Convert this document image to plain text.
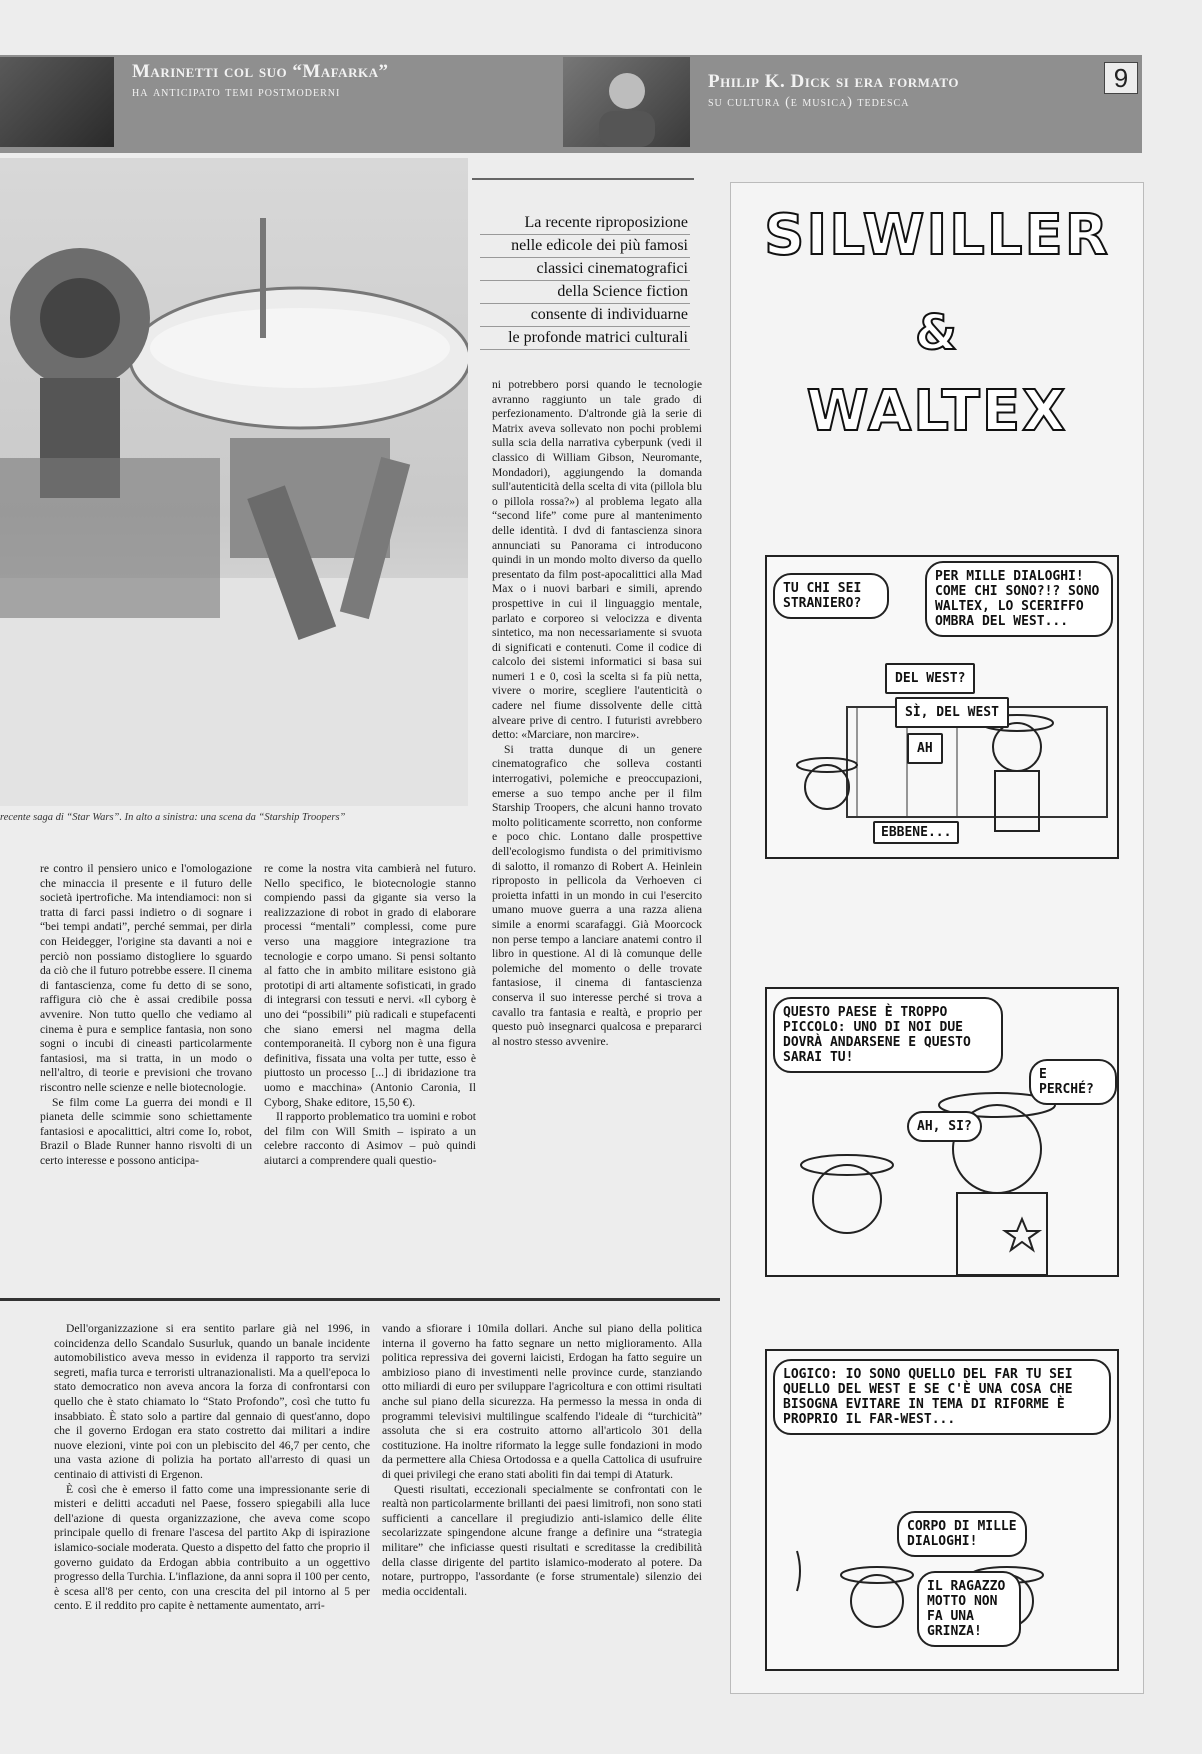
Marinetti col suo “Mafarka”
ha anticipato temi postmoderni
Philip K. Dick si era formato
su cultura (e musica) tedesca
9
recente saga di “Star Wars”. In alto a sinistra: una scena da “Starship Troopers”
La recente riproposizione
nelle edicole dei più famosi
classici cinematografici
della Science fiction
consente di individuarne
le profonde matrici culturali

ni potrebbero porsi quando le tecnologie avranno raggiunto un tale grado di perfezionamento. D'altronde già la serie di Matrix aveva sollevato non pochi problemi sulla scia della narrativa cyberpunk (vedi il classico di William Gibson, Neuromante, Mondadori), aggiungendo la domanda sull'autenticità della scelta di vita (pillola blu o pillola rossa?») al problema legato alla “second life” come pure al mantenimento delle identità. I dvd di fantascienza sinora annunciati su Panorama ci introducono quindi in un mondo molto diverso da quello presentato da film post-apocalittici alla Mad Max o i nuovi barbari e simili, aprendo prospettive in cui il linguaggio mentale, parlato e corporeo si velocizza e diventa sintetico, ma non necessariamente si svuota di significati e contenuti. Come il codice di calcolo dei sistemi informatici si basa sui numeri 1 e 0, così la scelta si fa più netta, vivere o morire, scegliere l'autenticità o cadere nel fiume dissolvente delle città alveare prive di centro. I futuristi avrebbero detto: «Marciare, non marcire».

Si tratta dunque di un genere cinematografico che solleva costanti interrogativi, polemiche e preoccupazioni, emerse a suo tempo anche per il film Starship Troopers, che alcuni hanno trovato molto politicamente scorretto, non conforme e poco chic. Lontano dalle prospettive dell'ecologismo fundista o del primitivismo di salotto, il romanzo di Robert A. Heinlein riproposto in pellicola da Verhoeven ci proietta infatti in un mondo in cui l'esercito umano muove guerra a una razza aliena simile a enormi scarafaggi. Già Moorcock non perse tempo a lanciare anatemi contro il libro in questione. Al di là comunque delle polemiche del momento o delle trovate fantasiose, il cinema di fantascienza conserva il suo interesse perché si trova a cavallo tra fantasia e realtà, e proprio per questo può insegnarci qualcosa e prepararci al nostro stesso avvenire.

re contro il pensiero unico e l'omologazione che minaccia il presente e il futuro delle società ipertrofiche. Ma intendiamoci: non si tratta di farci passi indietro o di sognare i “bei tempi andati”, perché semmai, per dirla con Heidegger, l'origine sta davanti a noi e perciò non possiamo distogliere lo sguardo da ciò che il futuro potrebbe essere. Il cinema di fantascienza, come fu detto di se sono, raffigura ciò che è assai credibile possa avvenire. Non tutto quello che vediamo al cinema è pura e semplice fantasia, non sono sogni o incubi di cineasti particolarmente fantasiosi, ma si tratta, in un modo o nell'altro, di teorie e previsioni che trovano riscontro nelle scienze e nelle biotecnologie.

Se film come La guerra dei mondi e Il pianeta delle scimmie sono schiettamente fantasiosi e apocalittici, altri come Io, robot, Brazil o Blade Runner hanno risvolti di un certo interesse e possono anticipa-

re come la nostra vita cambierà nel futuro. Nello specifico, le biotecnologie stanno compiendo passi da gigante sia verso la realizzazione di robot in grado di elaborare processi “mentali” complessi, come pure verso una maggiore integrazione tra tecnologie e corpo umano. Si pensi soltanto al fatto che in ambito militare esistono già prototipi di arti altamente sofisticati, in grado di integrarsi con tessuti e nervi. «Il cyborg è uno dei “possibili” più radicali e stupefacenti che siano emersi nel magma della contemporaneità. Il cyborg non è una figura definitiva, fissata una volta per tutte, esso è piuttosto un processo [...] di ibridazione tra uomo e macchina» (Antonio Caronia, Il Cyborg, Shake editore, 15,50 €).

Il rapporto problematico tra uomini e robot del film con Will Smith – ispirato a un celebre racconto di Asimov – può quindi aiutarci a comprendere quali questio-

Dell'organizzazione si era sentito parlare già nel 1996, in coincidenza dello Scandalo Susurluk, quando un banale incidente automobilistico aveva messo in evidenza il rapporto tra servizi segreti, mafia turca e terroristi ultranazionalisti. Ma a quell'epoca lo stato democratico non aveva ancora la forza di confrontarsi con quello che è stato chiamato lo “Stato Profondo”, così che tutto fu insabbiato. È stato solo a partire dal gennaio di quest'anno, dopo che il governo Erdogan era stato costretto dai militari a indire nuove elezioni, vinte poi con un plebiscito del 46,7 per cento, che una vasta azione di polizia ha portato all'arresto di quasi un centinaio di attivisti di Ergenon.

È così che è emerso il fatto come una impressionante serie di misteri e delitti accaduti nel Paese, fossero spiegabili alla luce dell'azione di questa organizzazione, che aveva come scopo principale quello di frenare l'ascesa del partito Akp di ispirazione islamico-sociale moderata. Questo a dispetto del fatto che proprio il governo guidato da Erdogan abbia contribuito a un oggettivo progresso della Turchia. L'inflazione, da anni sopra il 100 per cento, è scesa all'8 per cento, con una crescita del pil intorno al 5 per cento. E il reddito pro capite è nettamente aumentato, arri-

vando a sfiorare i 10mila dollari. Anche sul piano della politica interna il governo ha fatto segnare un netto miglioramento. Alla politica repressiva dei governi laicisti, Erdogan ha fatto seguire un ambizioso piano di investimenti nelle province curde, stanziando otto miliardi di euro per sviluppare l'agricoltura e con ottimi risultati anche sul piano della sicurezza. Ha permesso la messa in onda di programmi televisivi multilingue scalfendo l'ideale di “turchicità” assoluta che si era costruito attorno all'articolo 301 della costituzione. Ha inoltre riformato la legge sulle fondazioni in modo da permettere alla Chiesa Ortodossa e a quella Cattolica di usufruire di quei privilegi che erano stati aboliti fin dai tempi di Ataturk.

Questi risultati, eccezionali specialmente se confrontati con le realtà non particolarmente brillanti dei paesi limitrofi, non sono stati sufficienti a cancellare il pregiudizio anti-islamico delle élite secolarizzate spingendone alcune frange a definire una “strategia militare” che inficiasse questi risultati e screditasse la credibilità della classe dirigente del partito islamico-moderato al potere. Da notare, purtroppo, l'assordante (e forse strumentale) silenzio dei media occidentali.

SILWILLER
&
WALTEX
TU CHI SEI STRANIERO?
PER MILLE DIALOGHI! COME CHI SONO?!? SONO WALTEX, LO SCERIFFO OMBRA DEL WEST...
DEL WEST?
SÌ, DEL WEST
AH
EBBENE...
QUESTO PAESE È TROPPO PICCOLO: UNO DI NOI DUE DOVRÀ ANDARSENE E QUESTO SARAI TU!
E PERCHÉ?
AH, SI?
LOGICO: IO SONO QUELLO DEL FAR TU SEI QUELLO DEL WEST E SE C'È UNA COSA CHE BISOGNA EVITARE IN TEMA DI RIFORME È PROPRIO IL FAR-WEST...
CORPO DI MILLE DIALOGHI!
IL RAGAZZO MOTTO NON FA UNA GRINZA!
